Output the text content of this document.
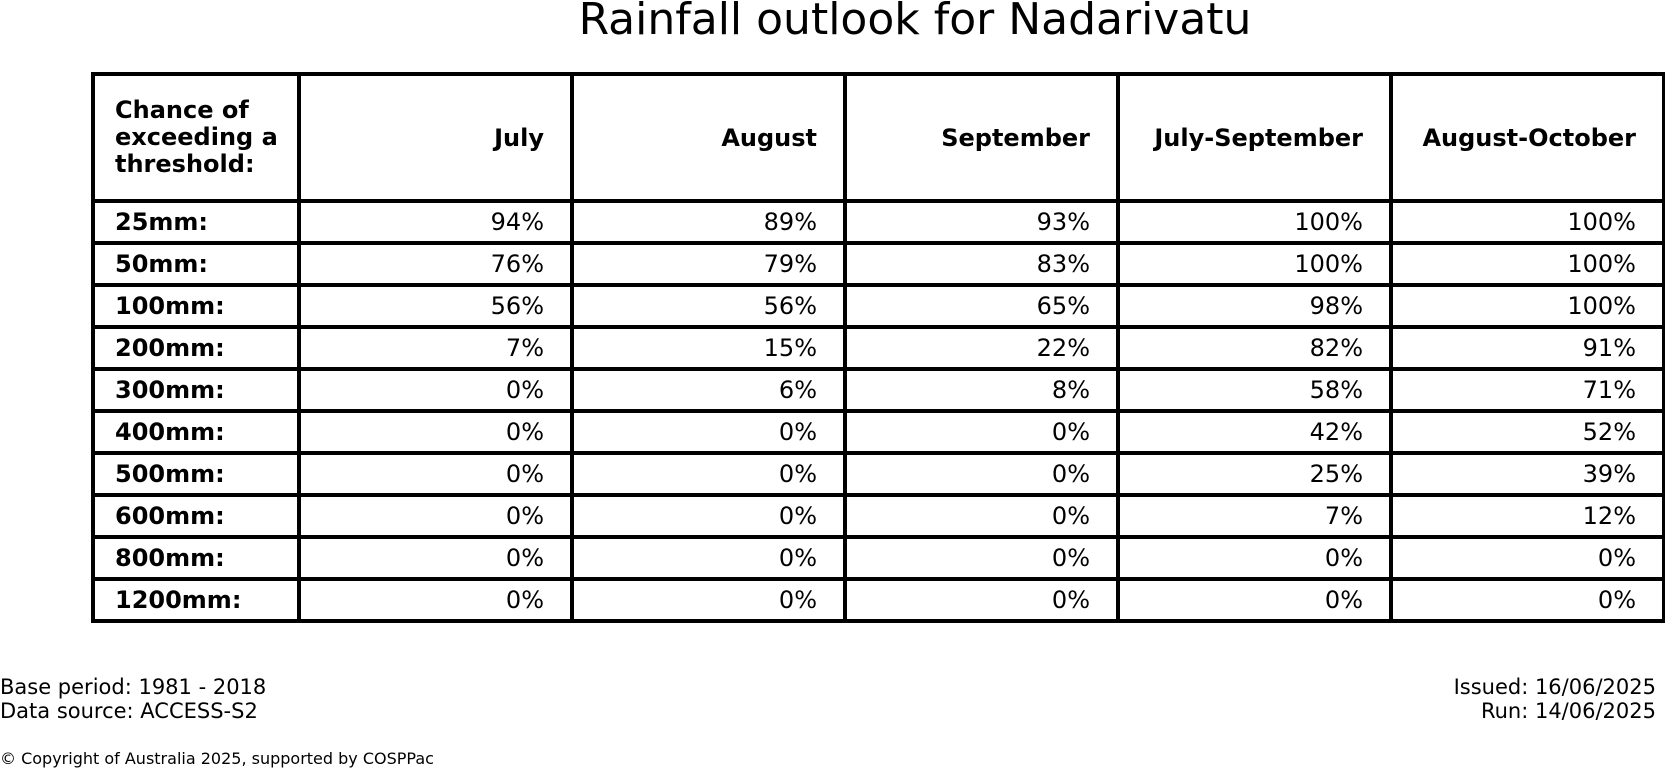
Rainfall outlook for Nadarivatu
Chance of exceeding a threshold:	July	August	September	July-September	August-October
25mm:	94%	89%	93%	100%	100%
50mm:	76%	79%	83%	100%	100%
100mm:	56%	56%	65%	98%	100%
200mm:	7%	15%	22%	82%	91%
300mm:	0%	6%	8%	58%	71%
400mm:	0%	0%	0%	42%	52%
500mm:	0%	0%	0%	25%	39%
600mm:	0%	0%	0%	7%	12%
800mm:	0%	0%	0%	0%	0%
1200mm:	0%	0%	0%	0%	0%
Base period: 1981 - 2018
Data source: ACCESS-S2
Issued: 16/06/2025
Run: 14/06/2025
© Copyright of Australia 2025, supported by COSPPac
